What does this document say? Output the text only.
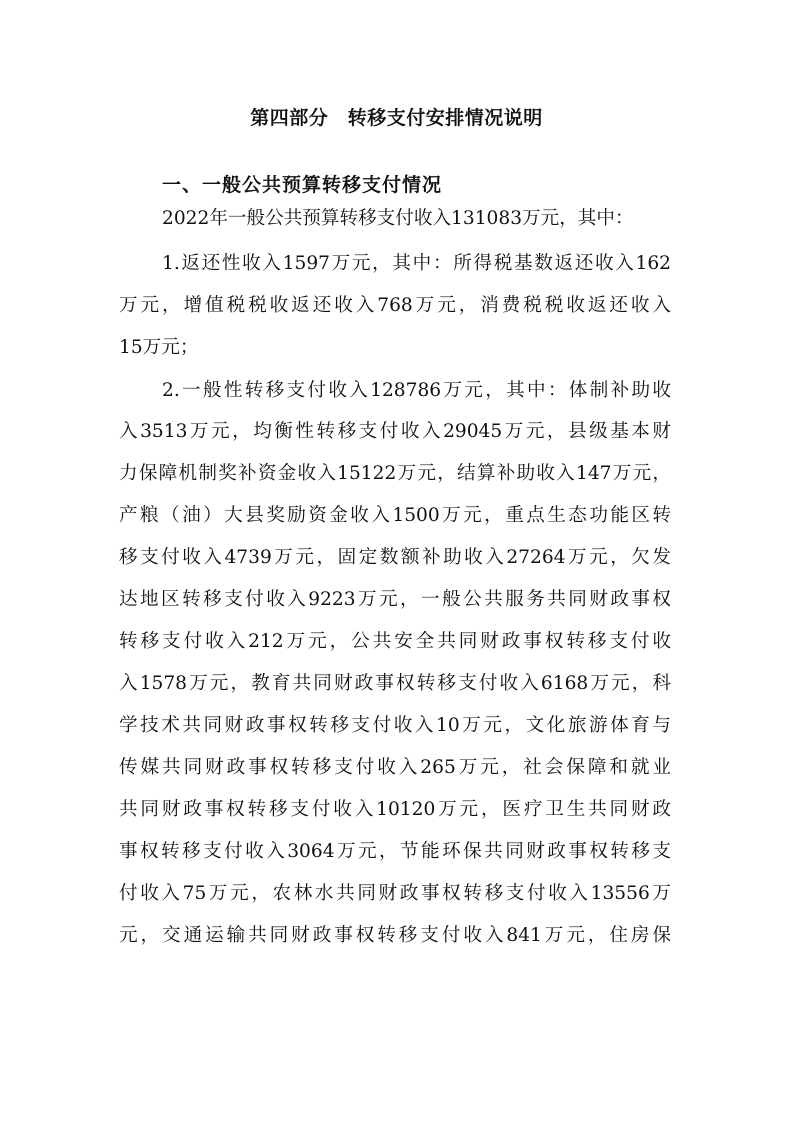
第四部分　转移支付安排情况说明
一、一般公共预算转移支付情况
2022年一般公共预算转移支付收入131083万元，其中：
1.返还性收入1597万元，其中：所得税基数返还收入162
万元，增值税税收返还收入768万元，消费税税收返还收入
15万元；
2.一般性转移支付收入128786万元，其中：体制补助收
入3513万元，均衡性转移支付收入29045万元，县级基本财
力保障机制奖补资金收入15122万元，结算补助收入147万元，
产粮（油）大县奖励资金收入1500万元，重点生态功能区转
移支付收入4739万元，固定数额补助收入27264万元，欠发
达地区转移支付收入9223万元，一般公共服务共同财政事权
转移支付收入212万元，公共安全共同财政事权转移支付收
入1578万元，教育共同财政事权转移支付收入6168万元，科
学技术共同财政事权转移支付收入10万元，文化旅游体育与
传媒共同财政事权转移支付收入265万元，社会保障和就业
共同财政事权转移支付收入10120万元，医疗卫生共同财政
事权转移支付收入3064万元，节能环保共同财政事权转移支
付收入75万元，农林水共同财政事权转移支付收入13556万
元，交通运输共同财政事权转移支付收入841万元，住房保
